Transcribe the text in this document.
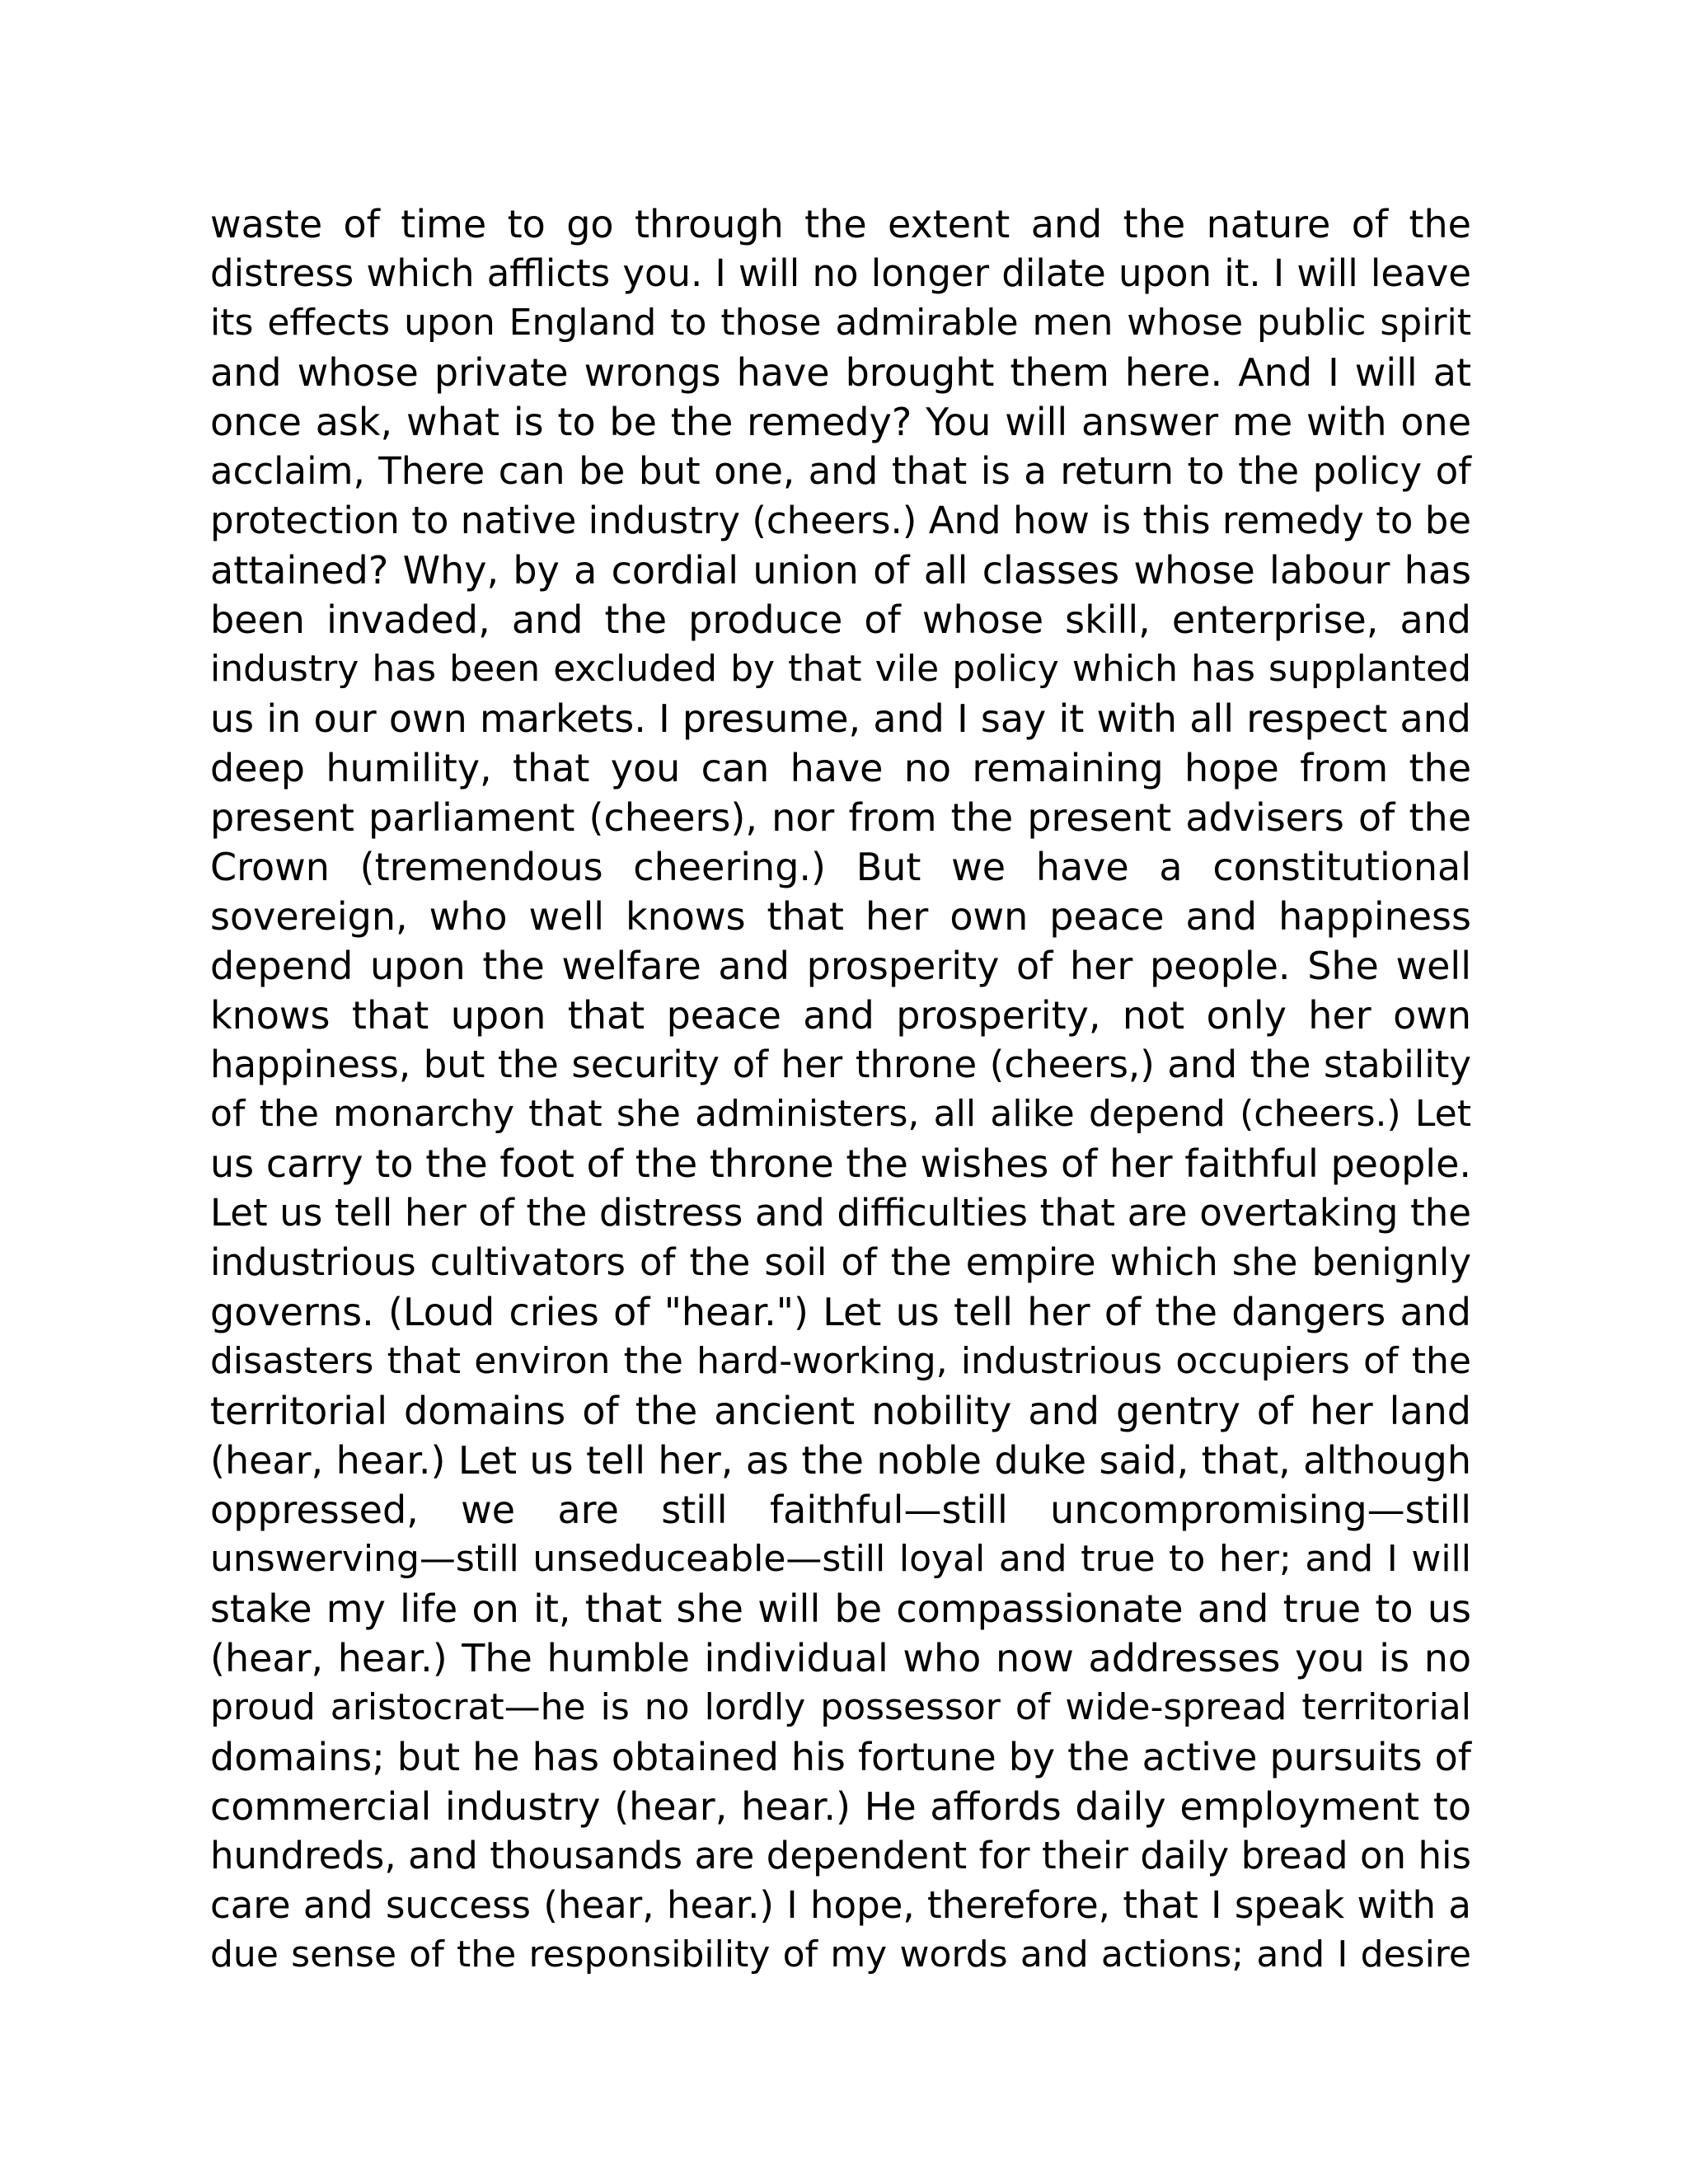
waste of time to go through the extent and the nature of the
distress which afflicts you. I will no longer dilate upon it. I will leave
its effects upon England to those admirable men whose public spirit
and whose private wrongs have brought them here. And I will at
once ask, what is to be the remedy? You will answer me with one
acclaim, There can be but one, and that is a return to the policy of
protection to native industry (cheers.) And how is this remedy to be
attained? Why, by a cordial union of all classes whose labour has
been invaded, and the produce of whose skill, enterprise, and
industry has been excluded by that vile policy which has supplanted
us in our own markets. I presume, and I say it with all respect and
deep humility, that you can have no remaining hope from the
present parliament (cheers), nor from the present advisers of the
Crown (tremendous cheering.) But we have a constitutional
sovereign, who well knows that her own peace and happiness
depend upon the welfare and prosperity of her people. She well
knows that upon that peace and prosperity, not only her own
happiness, but the security of her throne (cheers,) and the stability
of the monarchy that she administers, all alike depend (cheers.) Let
us carry to the foot of the throne the wishes of her faithful people.
Let us tell her of the distress and difficulties that are overtaking the
industrious cultivators of the soil of the empire which she benignly
governs. (Loud cries of "hear.") Let us tell her of the dangers and
disasters that environ the hard-working, industrious occupiers of the
territorial domains of the ancient nobility and gentry of her land
(hear, hear.) Let us tell her, as the noble duke said, that, although
oppressed, we are still faithful—still uncompromising—still
unswerving—still unseduceable—still loyal and true to her; and I will
stake my life on it, that she will be compassionate and true to us
(hear, hear.) The humble individual who now addresses you is no
proud aristocrat—he is no lordly possessor of wide-spread territorial
domains; but he has obtained his fortune by the active pursuits of
commercial industry (hear, hear.) He affords daily employment to
hundreds, and thousands are dependent for their daily bread on his
care and success (hear, hear.) I hope, therefore, that I speak with a
due sense of the responsibility of my words and actions; and I desire
